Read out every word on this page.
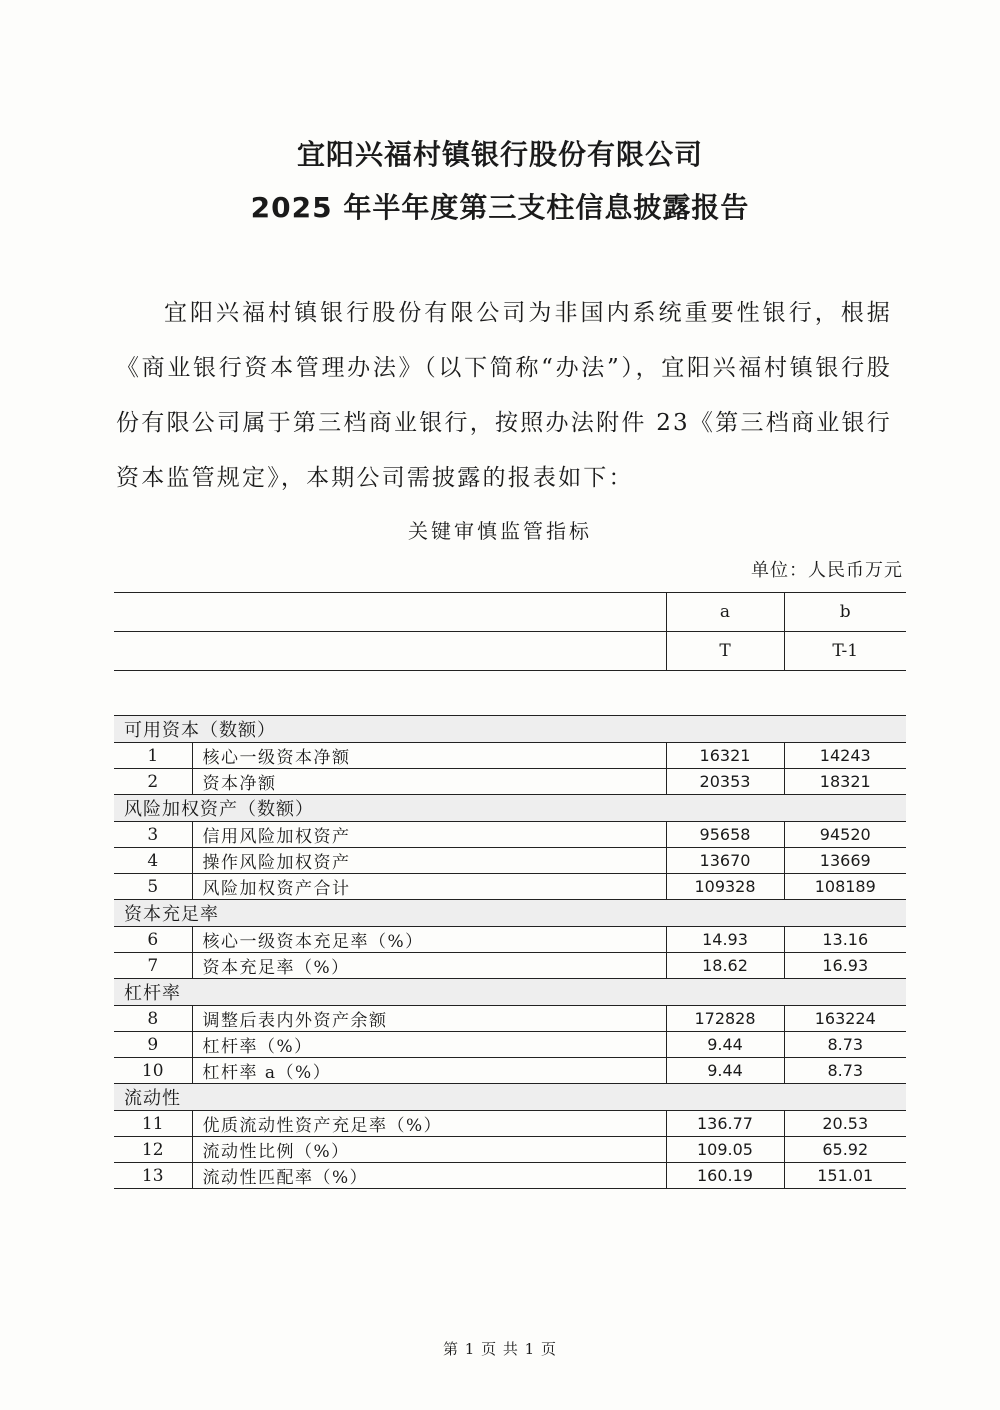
宜阳兴福村镇银行股份有限公司
2025 年半年度第三支柱信息披露报告
宜阳兴福村镇银行股份有限公司为非国内系统重要性银行，根据《商业银行资本管理办法》（以下简称“办法”），宜阳兴福村镇银行股份有限公司属于第三档商业银行，按照办法附件 23《第三档商业银行资本监管规定》，本期公司需披露的报表如下：
关键审慎监管指标
单位：人民币万元
		a	b
		T	T-1

可用资本（数额）			
1	核心一级资本净额	16321	14243
2	资本净额	20353	18321
风险加权资产（数额）			
3	信用风险加权资产	95658	94520
4	操作风险加权资产	13670	13669
5	风险加权资产合计	109328	108189
资本充足率			
6	核心一级资本充足率（%）	14.93	13.16
7	资本充足率（%）	18.62	16.93
杠杆率			
8	调整后表内外资产余额	172828	163224
9	杠杆率（%）	9.44	8.73
10	杠杆率 a（%）	9.44	8.73
流动性			
11	优质流动性资产充足率（%）	136.77	20.53
12	流动性比例（%）	109.05	65.92
13	流动性匹配率（%）	160.19	151.01
第 1 页 共 1 页
